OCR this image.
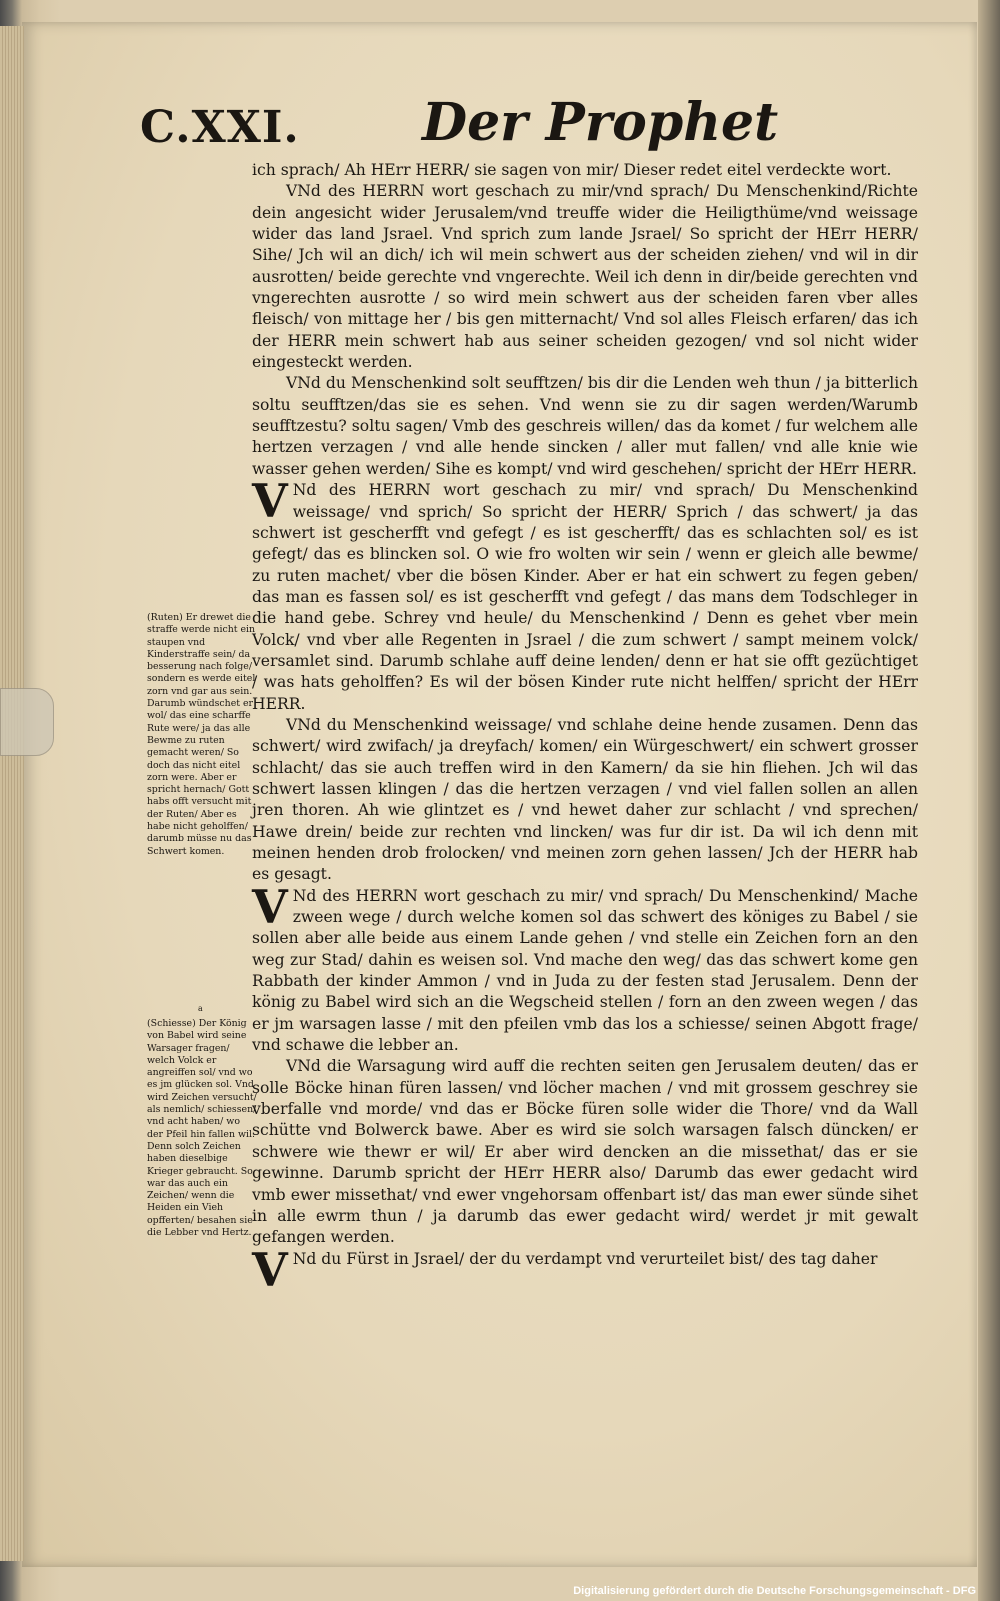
C.XXI. Der Prophet

ich sprach/ Ah HErr HERR/ sie sagen von mir/ Dieser redet eitel verdeckte wort.

VNd des HERRN wort geschach zu mir/vnd sprach/ Du Menschenkind/Richte dein angesicht wider Jerusalem/vnd treuffe wider die Heiligthüme/vnd weissage wider das land Jsrael. Vnd sprich zum lande Jsrael/ So spricht der HErr HERR/ Sihe/ Jch wil an dich/ ich wil mein schwert aus der scheiden ziehen/ vnd wil in dir ausrotten/ beide gerechte vnd vngerechte. Weil ich denn in dir/beide gerechten vnd vngerechten ausrotte / so wird mein schwert aus der scheiden faren vber alles fleisch/ von mittage her / bis gen mitternacht/ Vnd sol alles Fleisch erfaren/ das ich der HERR mein schwert hab aus seiner scheiden gezogen/ vnd sol nicht wider eingesteckt werden.

VNd du Menschenkind solt seufftzen/ bis dir die Lenden weh thun / ja bitterlich soltu seufftzen/das sie es sehen. Vnd wenn sie zu dir sagen werden/Warumb seufftzestu? soltu sagen/ Vmb des geschreis willen/ das da komet / fur welchem alle hertzen verzagen / vnd alle hende sincken / aller mut fallen/ vnd alle knie wie wasser gehen werden/ Sihe es kompt/ vnd wird geschehen/ spricht der HErr HERR.

V Nd des HERRN wort geschach zu mir/ vnd sprach/ Du Menschenkind weissage/ vnd sprich/ So spricht der HERR/ Sprich / das schwert/ ja das schwert ist gescherfft vnd gefegt / es ist gescherfft/ das es schlachten sol/ es ist gefegt/ das es blincken sol. O wie fro wolten wir sein / wenn er gleich alle bewme/ zu ruten machet/ vber die bösen Kinder. Aber er hat ein schwert zu fegen geben/ das man es fassen sol/ es ist gescherfft vnd gefegt / das mans dem Todschleger in die hand gebe. Schrey vnd heule/ du Menschenkind / Denn es gehet vber mein Volck/ vnd vber alle Regenten in Jsrael / die zum schwert / sampt meinem volck/ versamlet sind. Darumb schlahe auff deine lenden/ denn er hat sie offt gezüchtiget / was hats geholffen? Es wil der bösen Kinder rute nicht helffen/ spricht der HErr HERR.

VNd du Menschenkind weissage/ vnd schlahe deine hende zusamen. Denn das schwert/ wird zwifach/ ja dreyfach/ komen/ ein Würgeschwert/ ein schwert grosser schlacht/ das sie auch treffen wird in den Kamern/ da sie hin fliehen. Jch wil das schwert lassen klingen / das die hertzen verzagen / vnd viel fallen sollen an allen jren thoren. Ah wie glintzet es / vnd hewet daher zur schlacht / vnd sprechen/ Hawe drein/ beide zur rechten vnd lincken/ was fur dir ist. Da wil ich denn mit meinen henden drob frolocken/ vnd meinen zorn gehen lassen/ Jch der HERR hab es gesagt.

V Nd des HERRN wort geschach zu mir/ vnd sprach/ Du Menschenkind/ Mache zween wege / durch welche komen sol das schwert des königes zu Babel / sie sollen aber alle beide aus einem Lande gehen / vnd stelle ein Zeichen forn an den weg zur Stad/ dahin es weisen sol. Vnd mache den weg/ das das schwert kome gen Rabbath der kinder Ammon / vnd in Juda zu der festen stad Jerusalem. Denn der könig zu Babel wird sich an die Wegscheid stellen / forn an den zween wegen / das er jm warsagen lasse / mit den pfeilen vmb das los a schiesse/ seinen Abgott frage/ vnd schawe die lebber an.

VNd die Warsagung wird auff die rechten seiten gen Jerusalem deuten/ das er solle Böcke hinan füren lassen/ vnd löcher machen / vnd mit grossem geschrey sie vberfalle vnd morde/ vnd das er Böcke füren solle wider die Thore/ vnd da Wall schütte vnd Bolwerck bawe. Aber es wird sie solch warsagen falsch düncken/ er schwere wie thewr er wil/ Er aber wird dencken an die missethat/ das er sie gewinne. Darumb spricht der HErr HERR also/ Darumb das ewer gedacht wird vmb ewer missethat/ vnd ewer vngehorsam offenbart ist/ das man ewer sünde sihet in alle ewrm thun / ja darumb das ewer gedacht wird/ werdet jr mit gewalt gefangen werden.

V Nd du Fürst in Jsrael/ der du verdampt vnd verurteilet bist/ des tag daher

(Ruten) Er drewet die straffe werde nicht ein staupen vnd Kinderstraffe sein/ da besserung nach folge/ sondern es werde eitel zorn vnd gar aus sein. Darumb wündschet er wol/ das eine scharffe Rute were/ ja das alle Bewme zu ruten gemacht weren/ So doch das nicht eitel zorn were. Aber er spricht hernach/ Gott habs offt versucht mit der Ruten/ Aber es habe nicht geholffen/ darumb müsse nu das Schwert komen.
a
(Schiesse) Der König von Babel wird seine Warsager fragen/ welch Volck er angreiffen sol/ vnd wo es jm glücken sol. Vnd wird Zeichen versucht/ als nemlich/ schiessen/ vnd acht haben/ wo der Pfeil hin fallen wil. Denn solch Zeichen haben dieselbige Krieger gebraucht. So war das auch ein Zeichen/ wenn die Heiden ein Vieh opfferten/ besahen sie die Lebber vnd Hertz.
Digitalisierung gefördert durch die Deutsche Forschungsgemeinschaft - DFG
